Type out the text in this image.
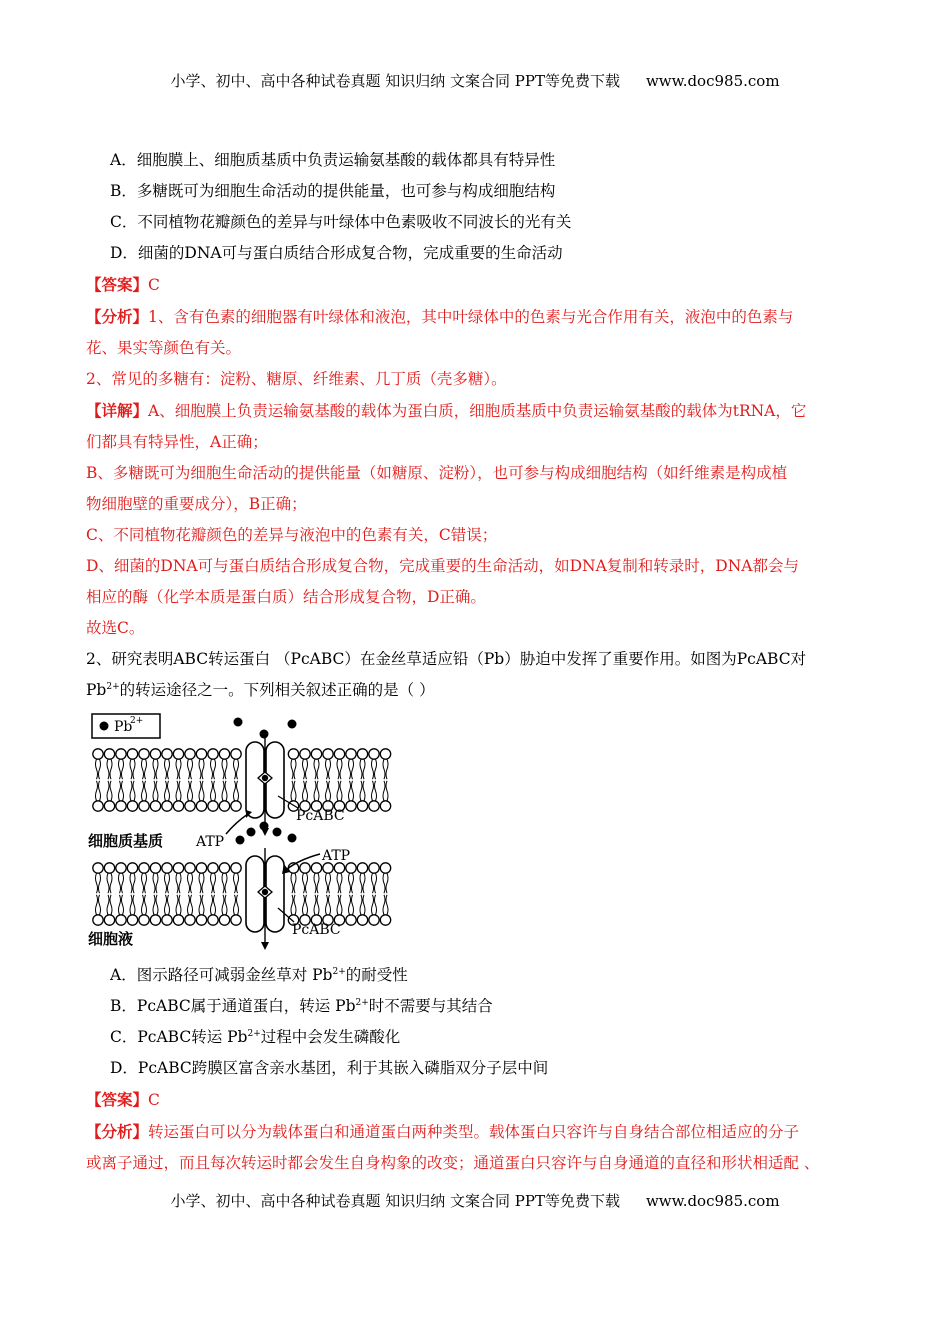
小学、初中、高中各种试卷真题 知识归纳 文案合同 PPT等免费下载 www.doc985.com
A．细胞膜上、细胞质基质中负责运输氨基酸的载体都具有特异性
B．多糖既可为细胞生命活动的提供能量，也可参与构成细胞结构
C．不同植物花瓣颜色的差异与叶绿体中色素吸收不同波长的光有关
D．细菌的DNA可与蛋白质结合形成复合物，完成重要的生命活动
【答案】C
【分析】1、含有色素的细胞器有叶绿体和液泡，其中叶绿体中的色素与光合作用有关，液泡中的色素与
花、果实等颜色有关。
2、常见的多糖有：淀粉、糖原、纤维素、几丁质（壳多糖）。
【详解】A、细胞膜上负责运输氨基酸的载体为蛋白质，细胞质基质中负责运输氨基酸的载体为tRNA，它
们都具有特异性，A正确；
B、多糖既可为细胞生命活动的提供能量（如糖原、淀粉），也可参与构成细胞结构（如纤维素是构成植
物细胞壁的重要成分），B正确；
C、不同植物花瓣颜色的差异与液泡中的色素有关，C错误；
D、细菌的DNA可与蛋白质结合形成复合物，完成重要的生命活动，如DNA复制和转录时，DNA都会与
相应的酶（化学本质是蛋白质）结合形成复合物，D正确。
故选C。
2、研究表明ABC转运蛋白 （PcABC）在金丝草适应铅（Pb）胁迫中发挥了重要作用。如图为PcABC对
$Pb^{2+}$的转运途径之一。下列相关叙述正确的是（ ）
Pb
2+
PcABC
细胞质基质 ATP
ATP
细胞液	PcABC
A．图示路径可减弱金丝草对 $Pb^{2+}$的耐受性
B．PcABC属于通道蛋白，转运 $Pb^{2+}$时不需要与其结合
C．PcABC转运 $Pb^{2+}$过程中会发生磷酸化
D．PcABC跨膜区富含亲水基团，利于其嵌入磷脂双分子层中间
【答案】C
【分析】转运蛋白可以分为载体蛋白和通道蛋白两种类型。载体蛋白只容许与自身结合部位相适应的分子
或离子通过，而且每次转运时都会发生自身构象的改变；通道蛋白只容许与自身通道的直径和形状相适配 、
小学、初中、高中各种试卷真题 知识归纳 文案合同 PPT等免费下载 www.doc985.com
